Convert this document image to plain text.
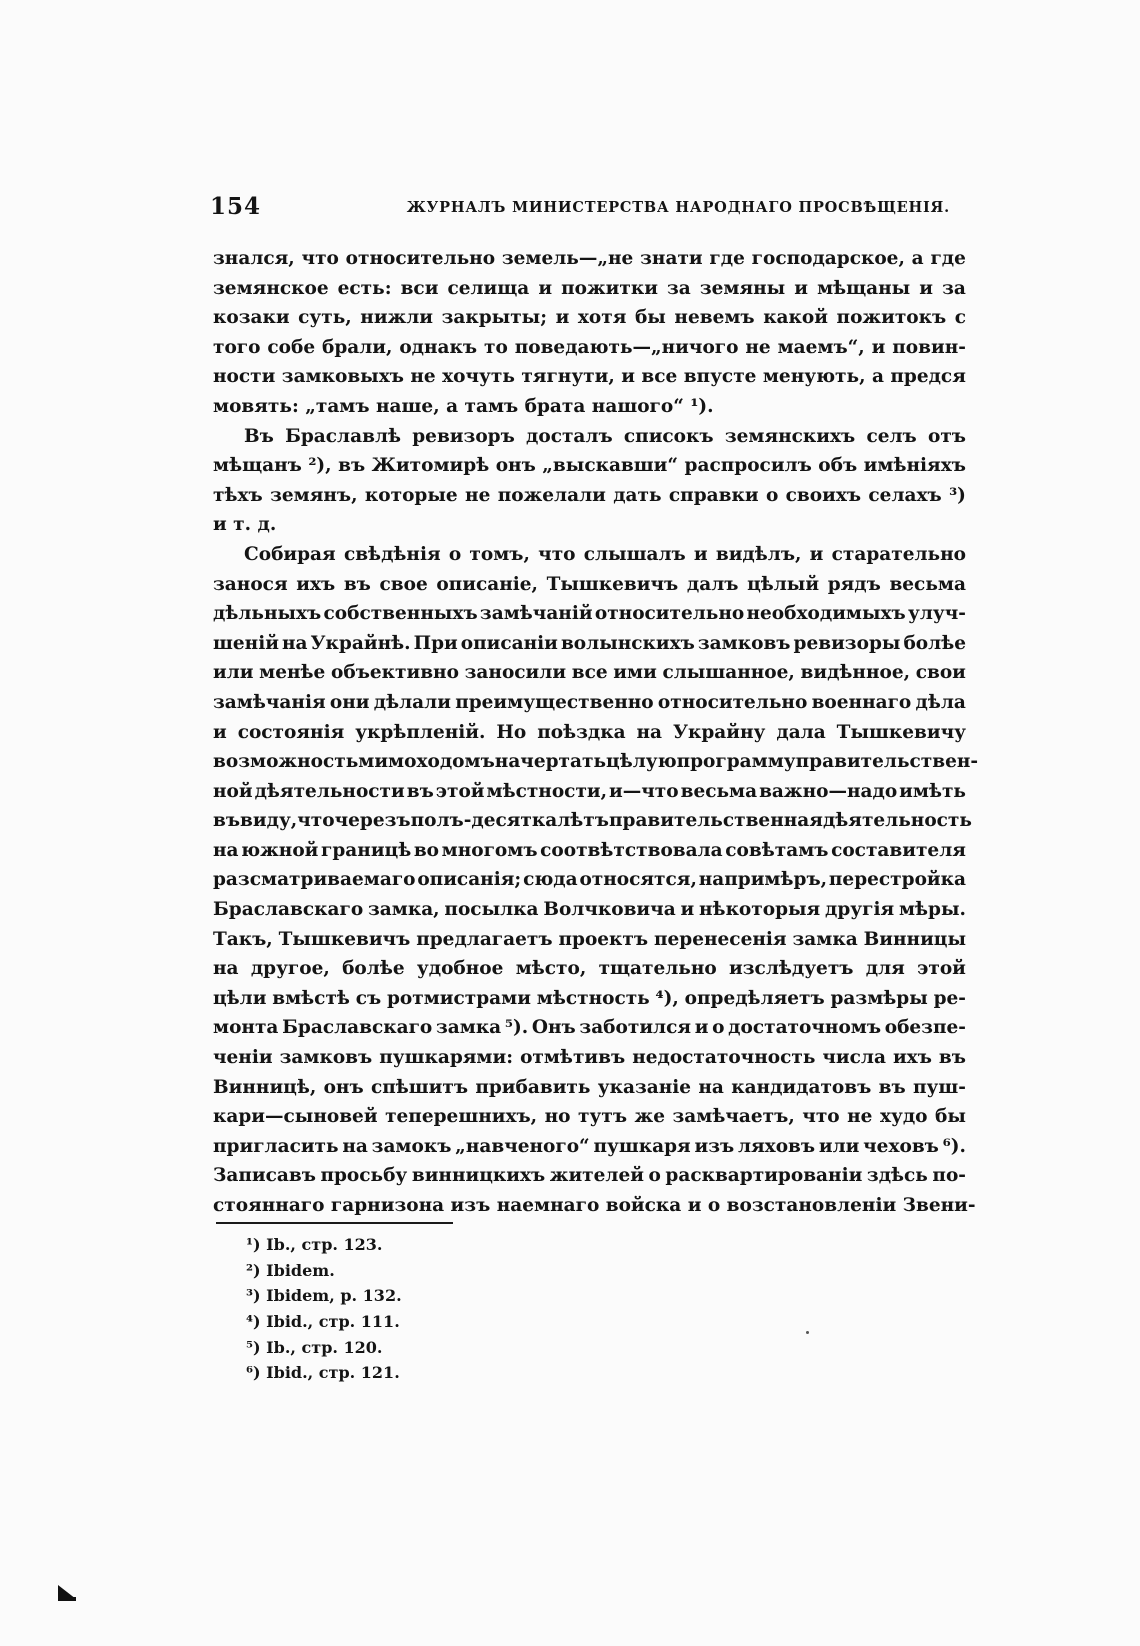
154	ЖУРНАЛЪ МИНИСТЕРСТВА НАРОДНАГО ПРОСВѢЩЕНІЯ.
знался, что относительно земель—„не знати где господарское, а где
земянское есть: вси селища и пожитки за земяны и мѣщаны и за
козаки суть, нижли закрыты; и хотя бы невемъ какой пожитокъ с
того собе брали, однакъ то поведають—„ничого не маемъ“, и повин-
ности замковыхъ не хочуть тягнути, и все впусте менують, а предся
мовять: „тамъ наше, а тамъ брата нашого“ ¹).
Въ Браславлѣ ревизоръ досталъ списокъ земянскихъ селъ отъ
мѣщанъ ²), въ Житомирѣ онъ „выскавши“ распросилъ объ имѣніяхъ
тѣхъ земянъ, которые не пожелали дать справки о своихъ селахъ ³)
и т. д.
Собирая свѣдѣнія о томъ, что слышалъ и видѣлъ, и старательно
занося ихъ въ свое описаніе, Тышкевичъ далъ цѣлый рядъ весьма
дѣльныхъ собственныхъ замѣчаній относительно необходимыхъ улуч-
шеній на Украйнѣ. При описаніи волынскихъ замковъ ревизоры болѣе
или менѣе объективно заносили все ими слышанное, видѣнное, свои
замѣчанія они дѣлали преимущественно относительно военнаго дѣла
и состоянія укрѣпленій. Но поѣздка на Украйну дала Тышкевичу
возможность мимоходомъ начертать цѣлую программу правительствен-
ной дѣятельности въ этой мѣстности, и—что весьма важно—надо имѣть
въ виду, что черезъ полъ-десятка лѣтъ правительственная дѣятельность
на южной границѣ во многомъ соотвѣтствовала совѣтамъ составителя
разсматриваемаго описанія; сюда относятся, напримѣръ, перестройка
Браславскаго замка, посылка Волчковича и нѣкоторыя другія мѣры.
Такъ, Тышкевичъ предлагаетъ проектъ перенесенія замка Винницы
на другое, болѣе удобное мѣсто, тщательно изслѣдуетъ для этой
цѣли вмѣстѣ съ ротмистрами мѣстность ⁴), опредѣляетъ размѣры ре-
монта Браславскаго замка ⁵). Онъ заботился и о достаточномъ обезпе-
ченіи замковъ пушкарями: отмѣтивъ недостаточность числа ихъ въ
Винницѣ, онъ спѣшитъ прибавить указаніе на кандидатовъ въ пуш-
кари—сыновей теперешнихъ, но тутъ же замѣчаетъ, что не худо бы
пригласить на замокъ „навченого“ пушкаря изъ ляховъ или чеховъ ⁶).
Записавъ просьбу винницкихъ жителей о расквартированіи здѣсь по-
стояннаго гарнизона изъ наемнаго войска и о возстановленіи Звени-
¹) Ib., стр. 123.
²) Ibidem.
³) Ibidem, p. 132.
⁴) Ibid., стр. 111.
⁵) Ib., стр. 120.
⁶) Ibid., стр. 121.
